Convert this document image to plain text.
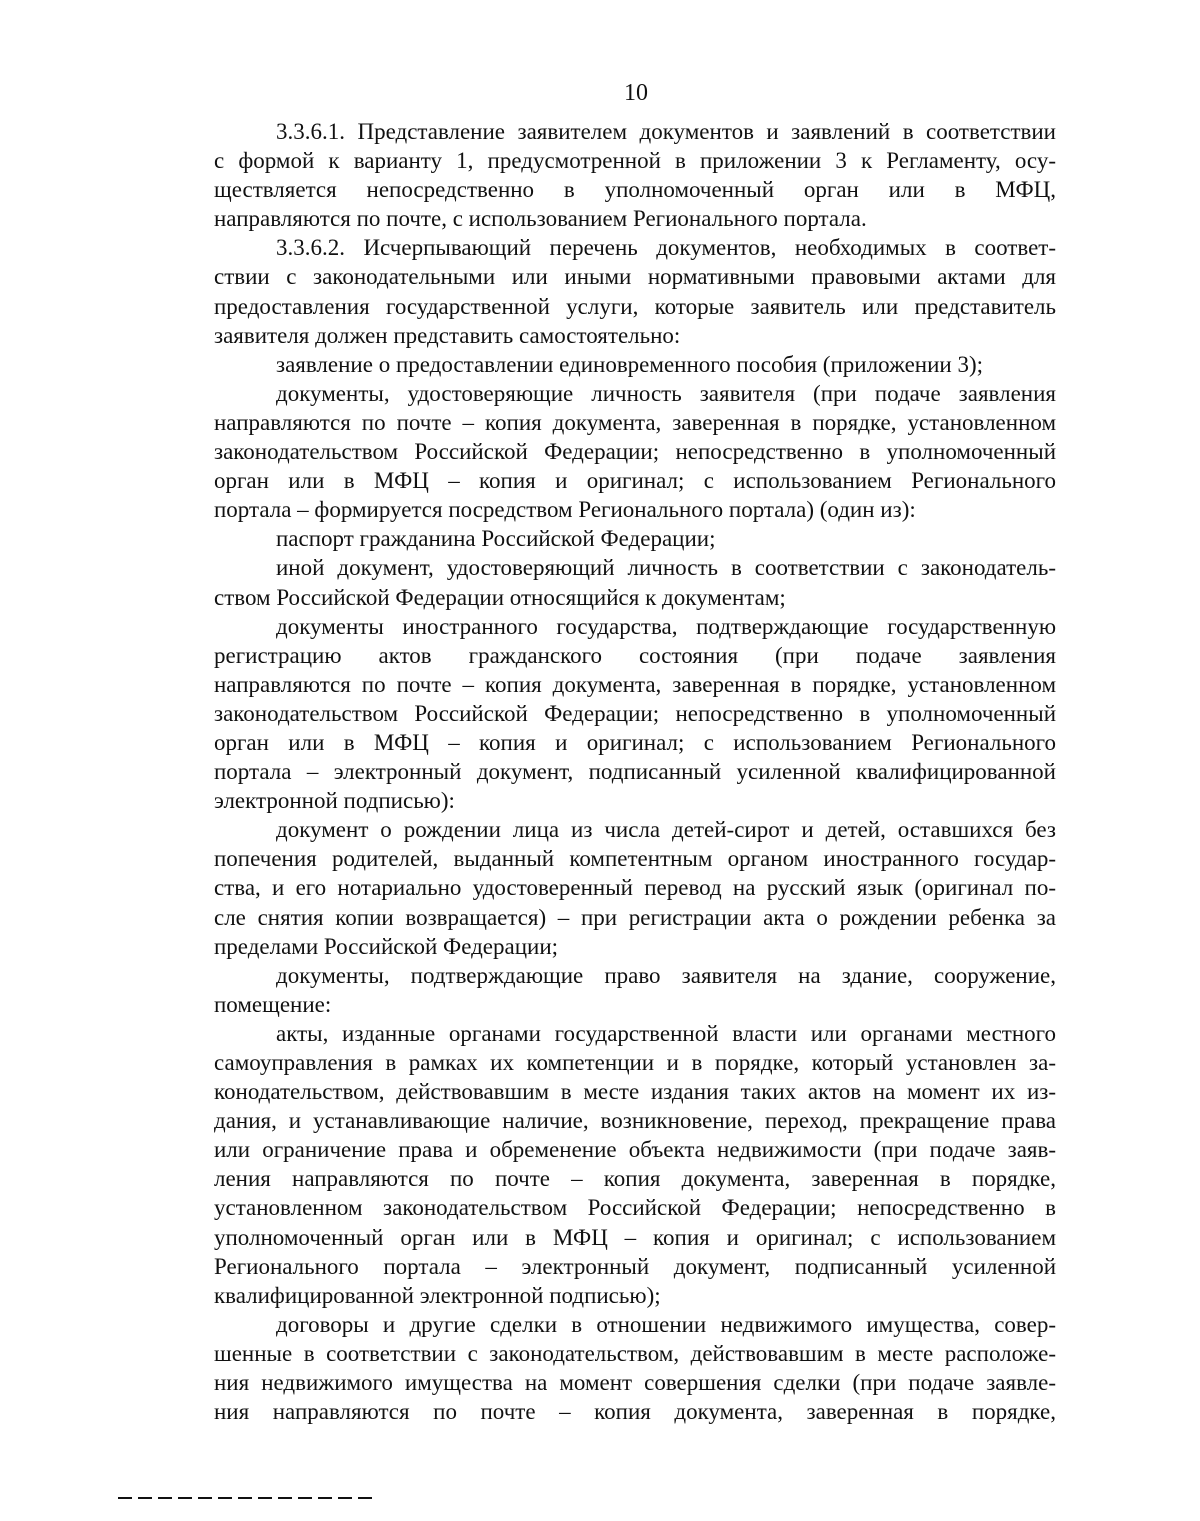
10
3.3.6.1. Представление заявителем документов и заявлений в соответствии
с формой к варианту 1, предусмотренной в приложении 3 к Регламенту, осу-
ществляется непосредственно в уполномоченный орган или в МФЦ,
направляются по почте, с использованием Регионального портала.
3.3.6.2. Исчерпывающий перечень документов, необходимых в соответ-
ствии с законодательными или иными нормативными правовыми актами для
предоставления государственной услуги, которые заявитель или представитель
заявителя должен представить самостоятельно:
заявление о предоставлении единовременного пособия (приложении 3);
документы, удостоверяющие личность заявителя (при подаче заявления
направляются по почте – копия документа, заверенная в порядке, установленном
законодательством Российской Федерации; непосредственно в уполномоченный
орган или в МФЦ – копия и оригинал; с использованием Регионального
портала – формируется посредством Регионального портала) (один из):
паспорт гражданина Российской Федерации;
иной документ, удостоверяющий личность в соответствии с законодатель-
ством Российской Федерации относящийся к документам;
документы иностранного государства, подтверждающие государственную
регистрацию актов гражданского состояния (при подаче заявления
направляются по почте – копия документа, заверенная в порядке, установленном
законодательством Российской Федерации; непосредственно в уполномоченный
орган или в МФЦ – копия и оригинал; с использованием Регионального
портала – электронный документ, подписанный усиленной квалифицированной
электронной подписью):
документ о рождении лица из числа детей-сирот и детей, оставшихся без
попечения родителей, выданный компетентным органом иностранного государ-
ства, и его нотариально удостоверенный перевод на русский язык (оригинал по-
сле снятия копии возвращается) – при регистрации акта о рождении ребенка за
пределами Российской Федерации;
документы, подтверждающие право заявителя на здание, сооружение,
помещение:
акты, изданные органами государственной власти или органами местного
самоуправления в рамках их компетенции и в порядке, который установлен за-
конодательством, действовавшим в месте издания таких актов на момент их из-
дания, и устанавливающие наличие, возникновение, переход, прекращение права
или ограничение права и обременение объекта недвижимости (при подаче заяв-
ления направляются по почте – копия документа, заверенная в порядке,
установленном законодательством Российской Федерации; непосредственно в
уполномоченный орган или в МФЦ – копия и оригинал; с использованием
Регионального портала – электронный документ, подписанный усиленной
квалифицированной электронной подписью);
договоры и другие сделки в отношении недвижимого имущества, совер-
шенные в соответствии с законодательством, действовавшим в месте расположе-
ния недвижимого имущества на момент совершения сделки (при подаче заявле-
ния направляются по почте – копия документа, заверенная в порядке,
